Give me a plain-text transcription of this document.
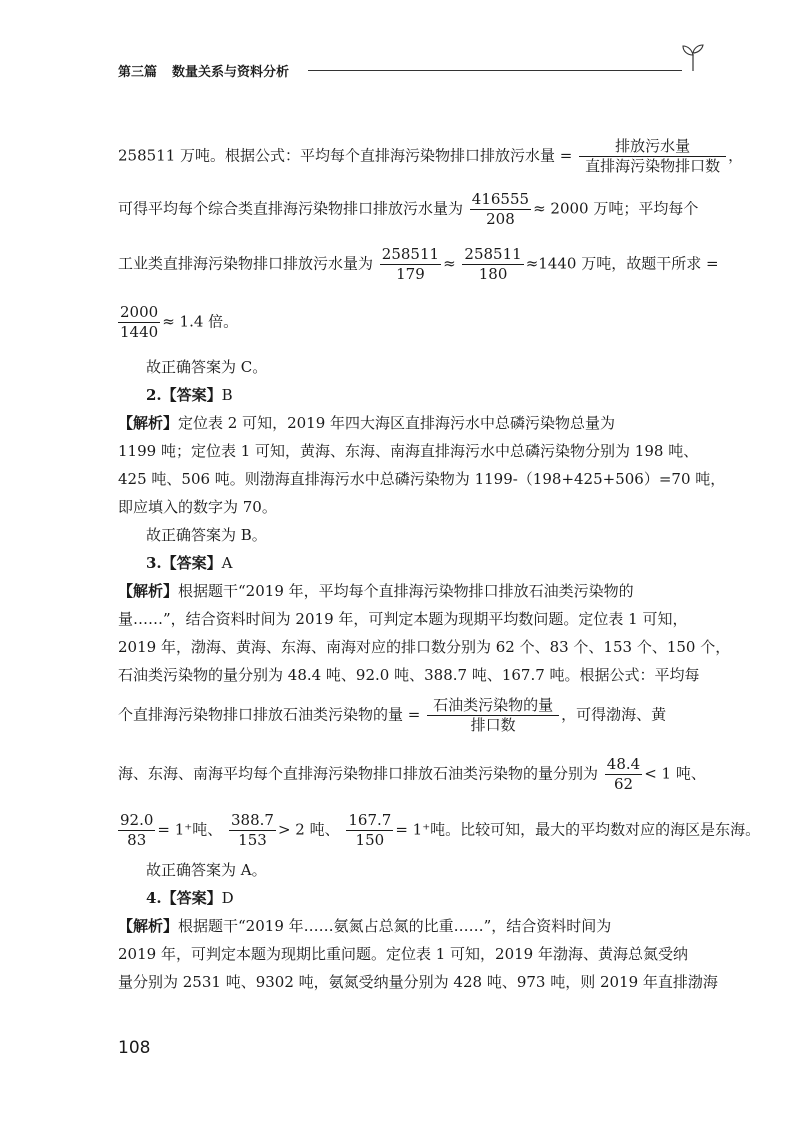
第三篇 数量关系与资料分析
258511 万吨。根据公式：平均每个直排海污染物排口排放污水量 = $\frac{\text{排放污水量}}{\text{直排海污染物排口数}}$ ，
可得平均每个综合类直排海污染物排口排放污水量为 $\frac{416555}{208} \approx 2000$ 万吨；平均每个
工业类直排海污染物排口排放污水量为 $\frac{258511}{179} \approx \frac{258511}{180} \approx 1440$ 万吨，故题干所求 =
$\frac{2000}{1440} \approx 1.4$ 倍。
故正确答案为 C。
2.【答案】B
【解析】定位表 2 可知，2019 年四大海区直排海污水中总磷污染物总量为
1199 吨；定位表 1 可知，黄海、东海、南海直排海污水中总磷污染物分别为 198 吨、
425 吨、506 吨。则渤海直排海污水中总磷污染物为 1199-（198+425+506）=70 吨，
即应填入的数字为 70。
故正确答案为 B。
3.【答案】A
【解析】根据题干“2019 年，平均每个直排海污染物排口排放石油类污染物的
量……”，结合资料时间为 2019 年，可判定本题为现期平均数问题。定位表 1 可知，
2019 年，渤海、黄海、东海、南海对应的排口数分别为 62 个、83 个、153 个、150 个，
石油类污染物的量分别为 48.4 吨、92.0 吨、388.7 吨、167.7 吨。根据公式：平均每
个直排海污染物排口排放石油类污染物的量 = $\frac{\text{石油类污染物的量}}{\text{排口数}}$ ，可得渤海、黄
海、东海、南海平均每个直排海污染物排口排放石油类污染物的量分别为 $\frac{48.4}{62} < 1$ 吨、
$\frac{92.0}{83} = 1^+$吨、 $\frac{388.7}{153} > 2$ 吨、 $\frac{167.7}{150} = 1^+$吨。比较可知，最大的平均数对应的海区是东海。
故正确答案为 A。
4.【答案】D
【解析】根据题干“2019 年……氨氮占总氮的比重……”，结合资料时间为
2019 年，可判定本题为现期比重问题。定位表 1 可知，2019 年渤海、黄海总氮受纳
量分别为 2531 吨、9302 吨，氨氮受纳量分别为 428 吨、973 吨，则 2019 年直排渤海
108
